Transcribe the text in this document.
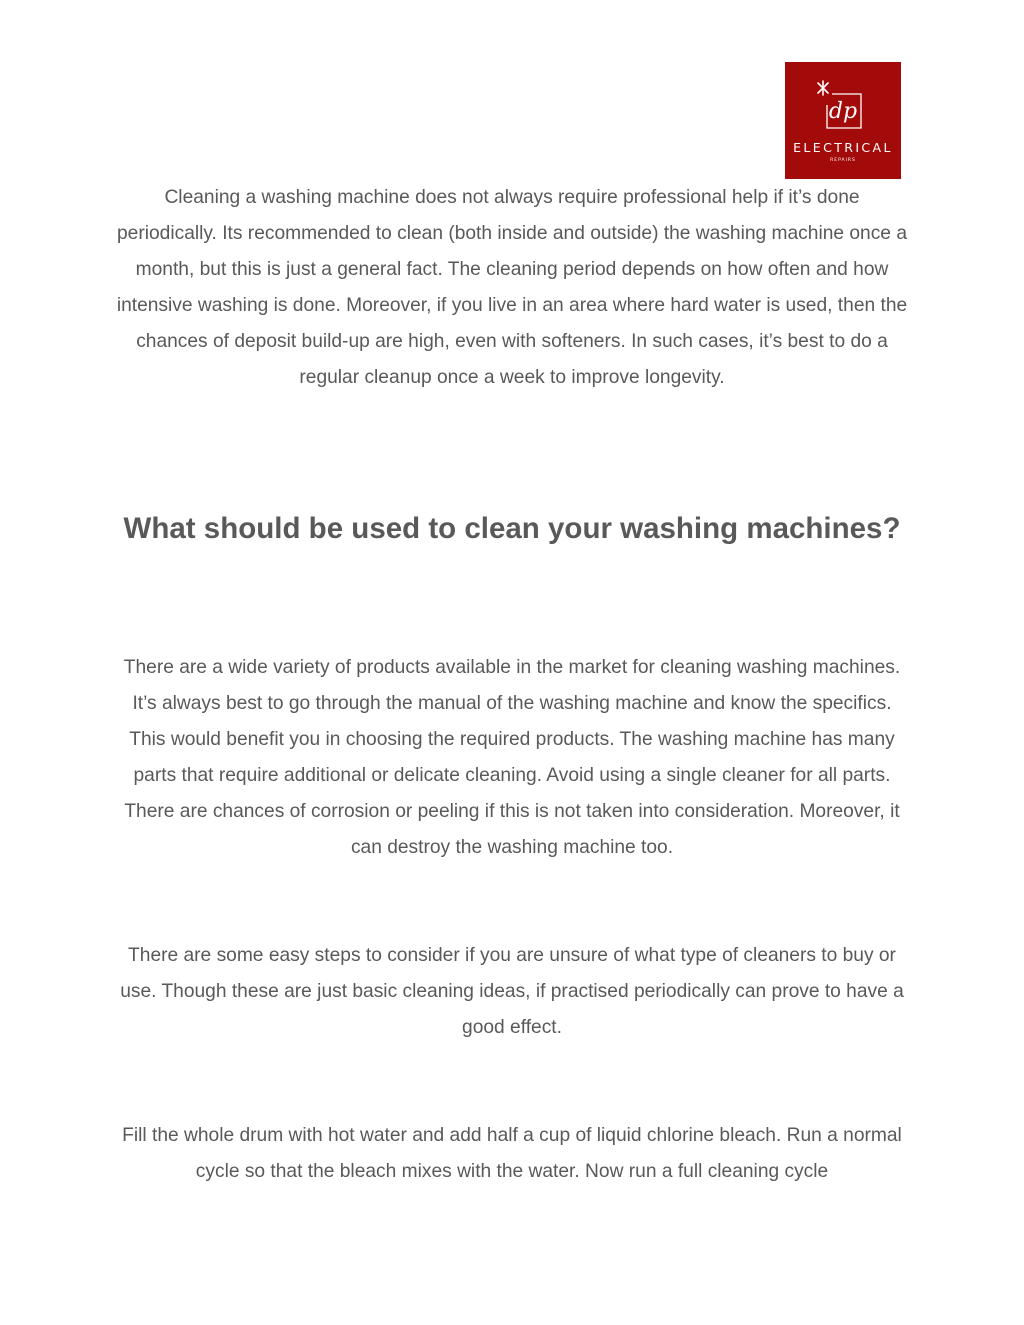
dp
ELECTRICAL
REPAIRS

Cleaning a washing machine does not always require professional help if it’s done periodically. Its recommended to clean (both inside and outside) the washing machine once a month, but this is just a general fact. The cleaning period depends on how often and how intensive washing is done. Moreover, if you live in an area where hard water is used, then the chances of deposit build-up are high, even with softeners. In such cases, it’s best to do a regular cleanup once a week to improve longevity.

What should be used to clean your washing machines?

There are a wide variety of products available in the market for cleaning washing machines. It’s always best to go through the manual of the washing machine and know the specifics. This would benefit you in choosing the required products. The washing machine has many parts that require additional or delicate cleaning. Avoid using a single cleaner for all parts. There are chances of corrosion or peeling if this is not taken into consideration. Moreover, it can destroy the washing machine too.

There are some easy steps to consider if you are unsure of what type of cleaners to buy or use. Though these are just basic cleaning ideas, if practised periodically can prove to have a good effect.

Fill the whole drum with hot water and add half a cup of liquid chlorine bleach. Run a normal cycle so that the bleach mixes with the water. Now run a full cleaning cycle
